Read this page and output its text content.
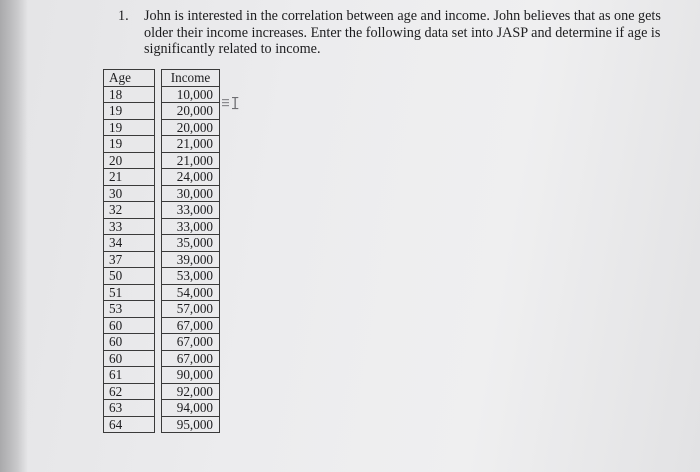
1.	John is interested in the correlation between age and income. John believes that as one gets older their income increases. Enter the following data set into JASP and determine if age is significantly related to income.
Age		Income
18		10,000
19		20,000
19		20,000
19		21,000
20		21,000
21		24,000
30		30,000
32		33,000
33		33,000
34		35,000
37		39,000
50		53,000
51		54,000
53		57,000
60		67,000
60		67,000
60		67,000
61		90,000
62		92,000
63		94,000
64		95,000
